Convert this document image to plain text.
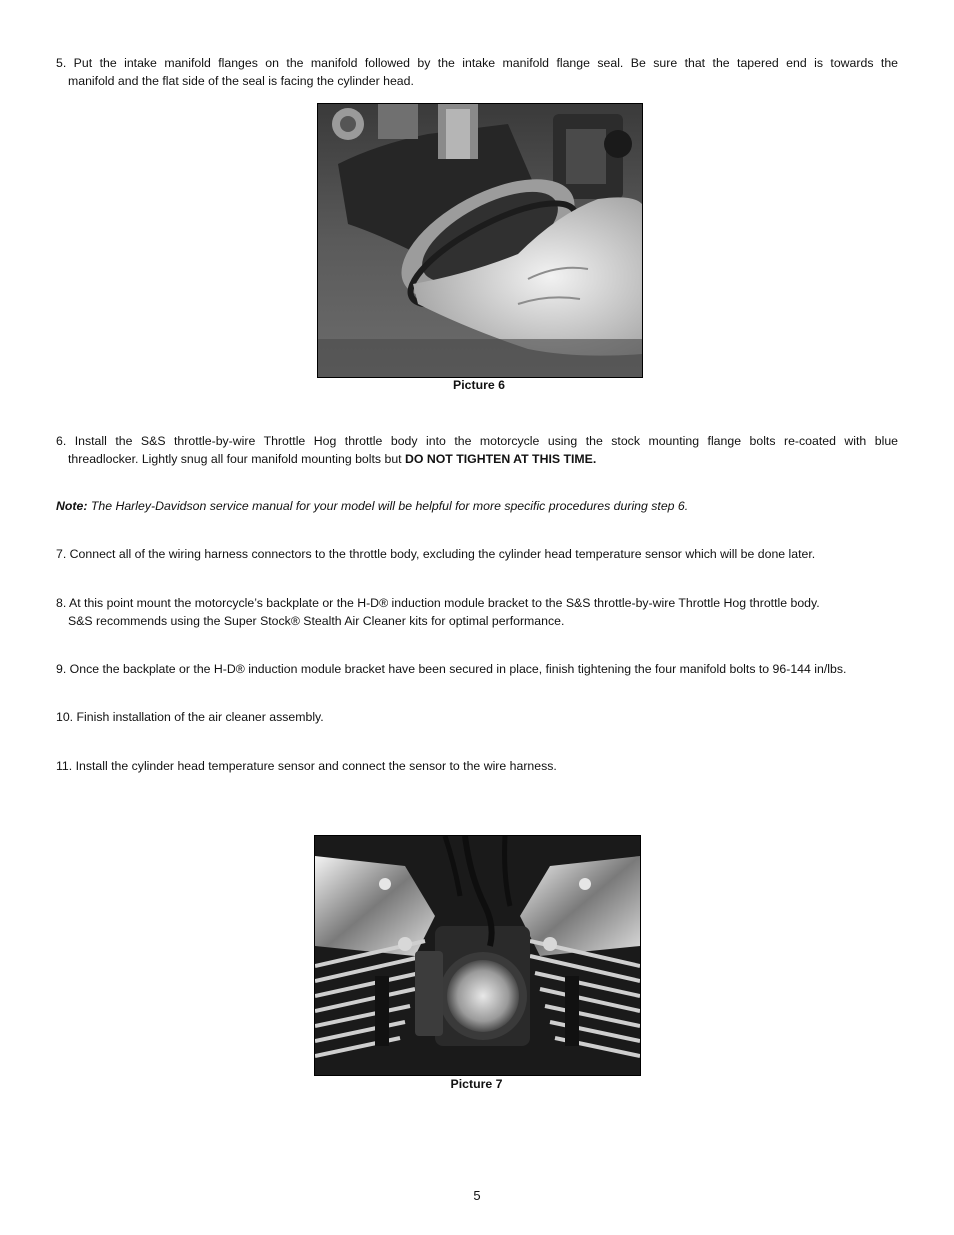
5. Put the intake manifold flanges on the manifold followed by the intake manifold flange seal. Be sure that the tapered end is towards the
manifold and the flat side of the seal is facing the cylinder head.
Picture 6
6. Install the S&S throttle-by-wire Throttle Hog throttle body into the motorcycle using the stock mounting flange bolts re-coated with blue
threadlocker. Lightly snug all four manifold mounting bolts but DO NOT TIGHTEN AT THIS TIME.
Note: The Harley-Davidson service manual for your model will be helpful for more specific procedures during step 6.
7. Connect all of the wiring harness connectors to the throttle body, excluding the cylinder head temperature sensor which will be done later.
8. At this point mount the motorcycle’s backplate or the H-D® induction module bracket to the S&S throttle-by-wire Throttle Hog throttle body.
S&S recommends using the Super Stock® Stealth Air Cleaner kits for optimal performance.
9. Once the backplate or the H-D® induction module bracket have been secured in place, finish tightening the four manifold bolts to 96-144 in/lbs.
10. Finish installation of the air cleaner assembly.
11. Install the cylinder head temperature sensor and connect the sensor to the wire harness.
Picture 7
5
